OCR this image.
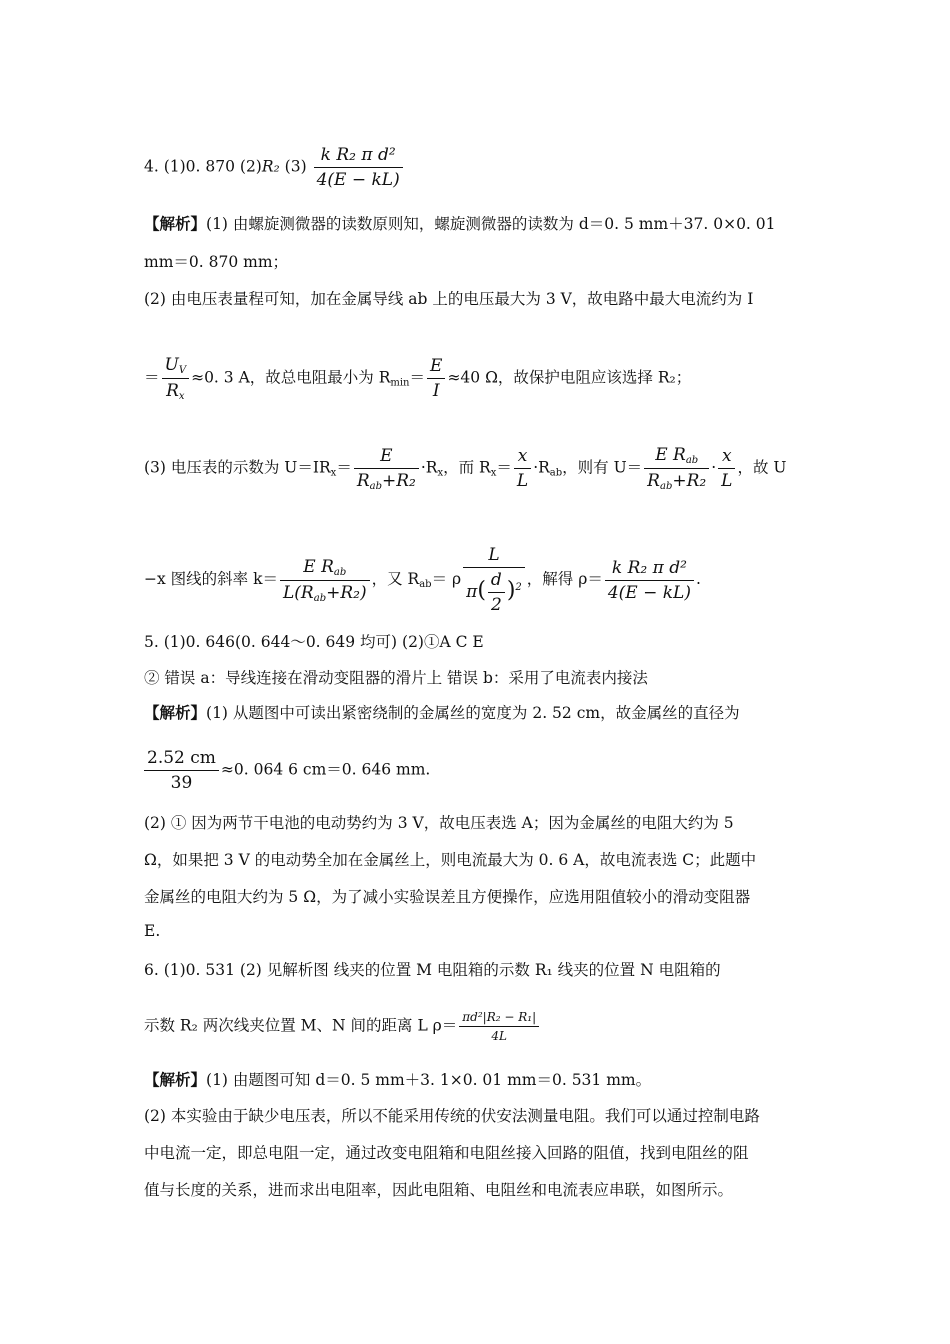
4. (1)0. 870 (2)R₂ $(3) \frac{\text{k R₂ π d²}}{4(E - kL)}$
【解析】(1) 由螺旋测微器的读数原则知，螺旋测微器的读数为 d＝0. 5 mm＋37. 0×0. 01
mm＝0. 870 mm；
(2) 由电压表量程可知，加在金属导线 ab 上的电压最大为 3 V，故电路中最大电流约为 I
＝ $\frac{U_V}{R_x} \approx 0$. 3 A，故总电阻最小为 $R_{min}= \frac{E}{I} \approx 40$ Ω，故保护电阻应该选择 R₂；
(3) 电压表的示数为 $U=IR_x=$
E
$R_{ab}+R_2$
$\cdot R_x$，而 $R_x= \frac{x}{L} \cdot R_{ab}$，则有 U＝
E $R_{ab}$
$R_{ab}+R_2$
· $\frac{x}{L}$ ，故 U
−x 图线的斜率 k＝
E $R_{ab}$
$L(R_{ab}+R_2)$
，又 $R_{ab}= \rho \frac{L}{\pi( \frac{d}{2} )^2}$ ，解得 $\rho= \frac{\text{k R₂ π d²}}{4(E - kL)}$ .
5. (1)0. 646(0. 644～0. 649 均可) (2)①A C E
② 错误 a：导线连接在滑动变阻器的滑片上 错误 b：采用了电流表内接法
【解析】(1) 从题图中可读出紧密绕制的金属丝的宽度为 2. 52 cm，故金属丝的直径为
$\frac{2.52 cm}{39} \approx 0$. 064 6 cm＝0. 646 mm.
(2) ① 因为两节干电池的电动势约为 3 V，故电压表选 A；因为金属丝的电阻大约为 5
Ω，如果把 3 V 的电动势全加在金属丝上，则电流最大为 0. 6 A，故电流表选 C；此题中
金属丝的电阻大约为 5 Ω，为了减小实验误差且方便操作，应选用阻值较小的滑动变阻器
E.
6. (1)0. 531 (2) 见解析图 线夹的位置 M 电阻箱的示数 R₁ 线夹的位置 N 电阻箱的
示数 R₂ 两次线夹位置 M、N 间的距离 L $\rho= \frac{\text{πd²|R₂ − R₁|}}{4L}$
【解析】(1) 由题图可知 d＝0. 5 mm＋3. 1×0. 01 mm＝0. 531 mm。
(2) 本实验由于缺少电压表，所以不能采用传统的伏安法测量电阻。我们可以通过控制电路
中电流一定，即总电阻一定，通过改变电阻箱和电阻丝接入回路的阻值，找到电阻丝的阻
值与长度的关系，进而求出电阻率，因此电阻箱、电阻丝和电流表应串联，如图所示。
